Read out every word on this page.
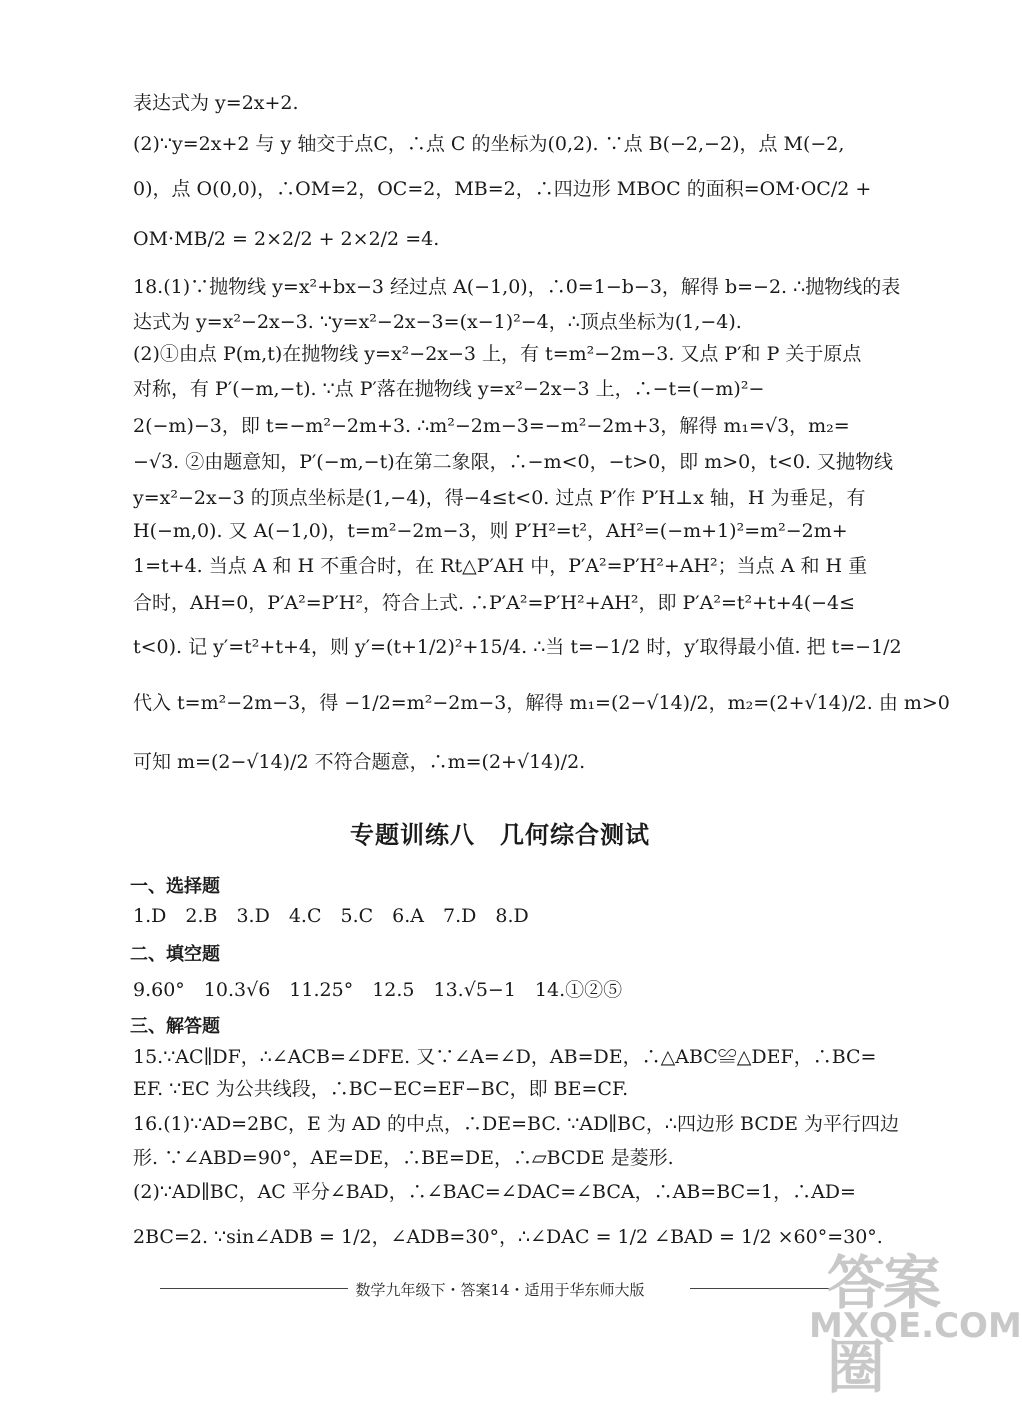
表达式为 y=2x+2.
(2)∵y=2x+2 与 y 轴交于点C，∴点 C 的坐标为(0,2). ∵点 B(−2,−2)，点 M(−2,
0)，点 O(0,0)，∴OM=2，OC=2，MB=2，∴四边形 MBOC 的面积=OM·OC/2 +
OM·MB/2 = 2×2/2 + 2×2/2 =4.
18.(1)∵抛物线 y=x²+bx−3 经过点 A(−1,0)，∴0=1−b−3，解得 b=−2. ∴抛物线的表
达式为 y=x²−2x−3. ∵y=x²−2x−3=(x−1)²−4，∴顶点坐标为(1,−4).
(2)①由点 P(m,t)在抛物线 y=x²−2x−3 上，有 t=m²−2m−3. 又点 P′和 P 关于原点
对称，有 P′(−m,−t). ∵点 P′落在抛物线 y=x²−2x−3 上，∴−t=(−m)²−
2(−m)−3，即 t=−m²−2m+3. ∴m²−2m−3=−m²−2m+3，解得 m₁=√3，m₂=
−√3. ②由题意知，P′(−m,−t)在第二象限，∴−m<0，−t>0，即 m>0，t<0. 又抛物线
y=x²−2x−3 的顶点坐标是(1,−4)，得−4≤t<0. 过点 P′作 P′H⊥x 轴，H 为垂足，有
H(−m,0). 又 A(−1,0)，t=m²−2m−3，则 P′H²=t²，AH²=(−m+1)²=m²−2m+
1=t+4. 当点 A 和 H 不重合时，在 Rt△P′AH 中，P′A²=P′H²+AH²；当点 A 和 H 重
合时，AH=0，P′A²=P′H²，符合上式. ∴P′A²=P′H²+AH²，即 P′A²=t²+t+4(−4≤
t<0). 记 y′=t²+t+4，则 y′=(t+1/2)²+15/4. ∴当 t=−1/2 时，y′取得最小值. 把 t=−1/2
代入 t=m²−2m−3，得 −1/2=m²−2m−3，解得 m₁=(2−√14)/2，m₂=(2+√14)/2. 由 m>0
可知 m=(2−√14)/2 不符合题意，∴m=(2+√14)/2.
专题训练八　几何综合测试
一、选择题
1.D　2.B　3.D　4.C　5.C　6.A　7.D　8.D
二、填空题
9.60°　10.3√6　11.25°　12.5　13.√5−1　14.①②⑤
三、解答题
15.∵AC∥DF，∴∠ACB=∠DFE. 又∵∠A=∠D，AB=DE，∴△ABC≌△DEF，∴BC=
EF. ∵EC 为公共线段，∴BC−EC=EF−BC，即 BE=CF.
16.(1)∵AD=2BC，E 为 AD 的中点，∴DE=BC. ∵AD∥BC，∴四边形 BCDE 为平行四边
形. ∵∠ABD=90°，AE=DE，∴BE=DE，∴▱BCDE 是菱形.
(2)∵AD∥BC，AC 平分∠BAD，∴∠BAC=∠DAC=∠BCA，∴AB=BC=1，∴AD=
2BC=2. ∵sin∠ADB = 1/2，∠ADB=30°，∴∠DAC = 1/2 ∠BAD = 1/2 ×60°=30°.
数学九年级下・答案14・适用于华东师大版	答案圈
MXQE.COM
